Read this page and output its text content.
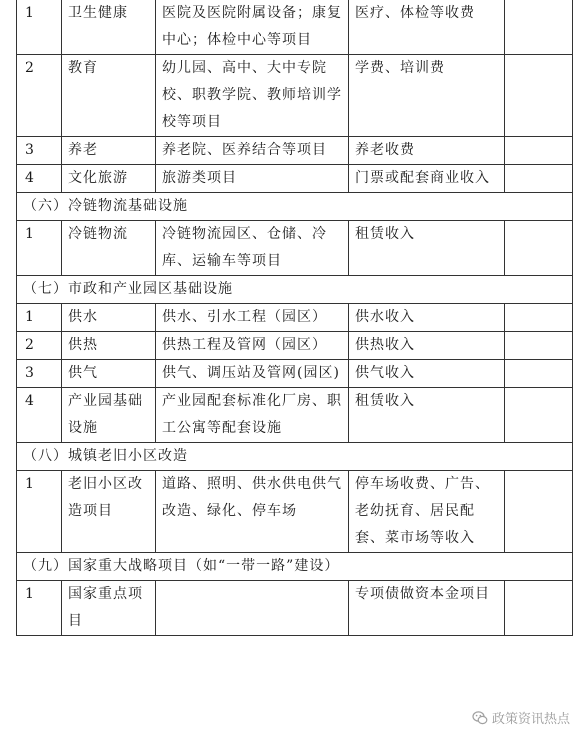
1	卫生健康	医院及医院附属设备；康复中心；体检中心等项目	医疗、体检等收费	
2	教育	幼儿园、高中、大中专院校、职教学院、教师培训学校等项目	学费、培训费	
3	养老	养老院、医养结合等项目	养老收费	
4	文化旅游	旅游类项目	门票或配套商业收入	
（六）冷链物流基础设施				
1	冷链物流	冷链物流园区、仓储、冷库、运输车等项目	租赁收入	
（七）市政和产业园区基础设施				
1	供水	供水、引水工程（园区）	供水收入	
2	供热	供热工程及管网（园区）	供热收入	
3	供气	供气、调压站及管网(园区)	供气收入	
4	产业园基础设施	产业园配套标准化厂房、职工公寓等配套设施	租赁收入	
（八）城镇老旧小区改造				
1	老旧小区改造项目	道路、照明、供水供电供气改造、绿化、停车场	停车场收费、广告、老幼抚育、居民配套、菜市场等收入	
（九）国家重大战略项目（如“一带一路”建设）				
1	国家重点项目		专项债做资本金项目	
政策资讯热点
